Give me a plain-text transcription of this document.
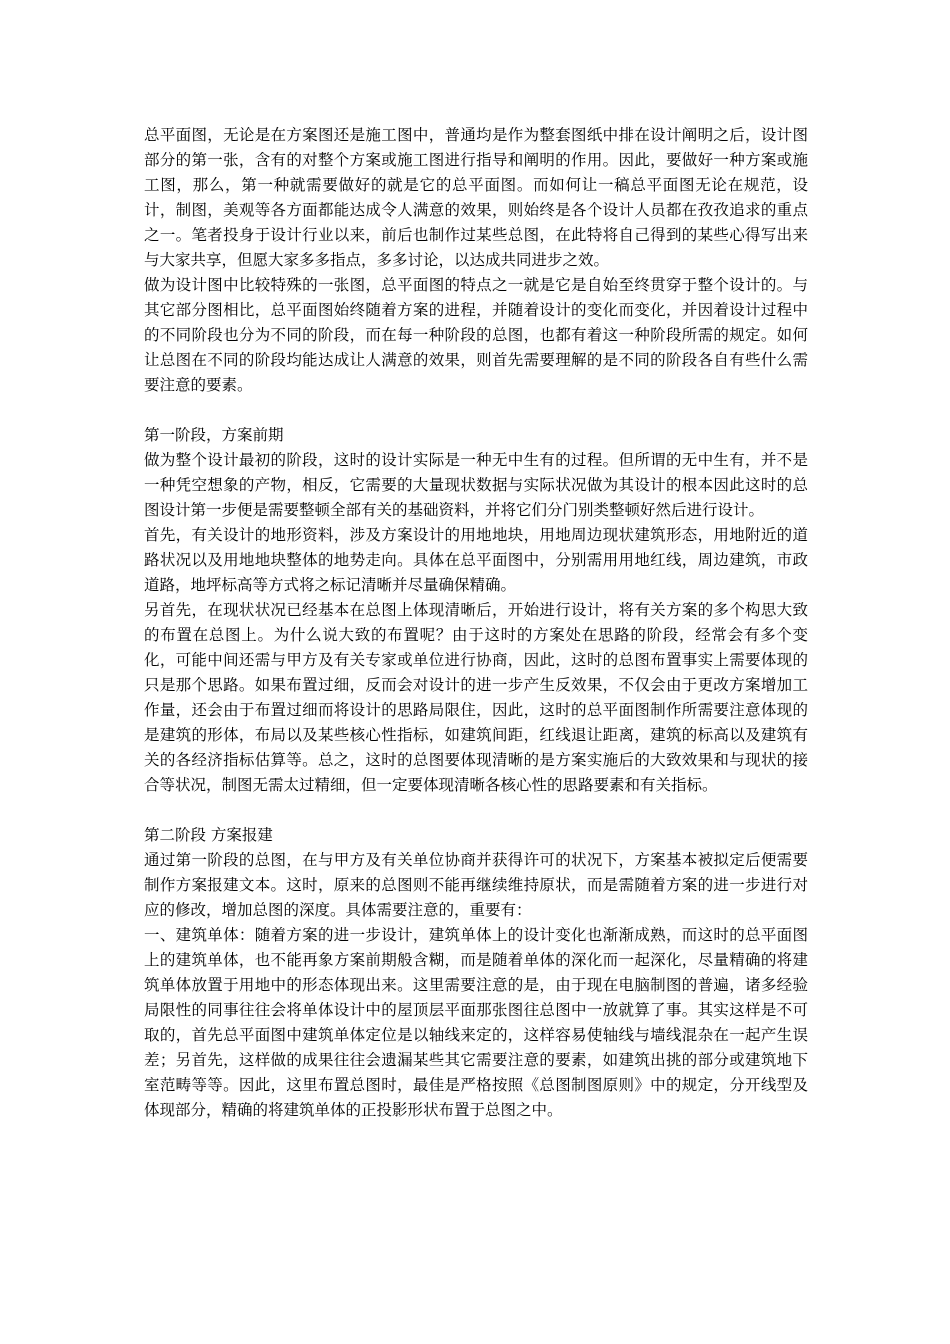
总平面图，无论是在方案图还是施工图中，普通均是作为整套图纸中排在设计阐明之后，设计图部分的第一张，含有的对整个方案或施工图进行指导和阐明的作用。因此，要做好一种方案或施工图，那么，第一种就需要做好的就是它的总平面图。而如何让一稿总平面图无论在规范，设计，制图，美观等各方面都能达成令人满意的效果，则始终是各个设计人员都在孜孜追求的重点之一。笔者投身于设计行业以来，前后也制作过某些总图，在此特将自己得到的某些心得写出来与大家共享，但愿大家多多指点，多多讨论，以达成共同进步之效。

做为设计图中比较特殊的一张图，总平面图的特点之一就是它是自始至终贯穿于整个设计的。与其它部分图相比，总平面图始终随着方案的进程，并随着设计的变化而变化，并因着设计过程中的不同阶段也分为不同的阶段，而在每一种阶段的总图，也都有着这一种阶段所需的规定。如何让总图在不同的阶段均能达成让人满意的效果，则首先需要理解的是不同的阶段各自有些什么需要注意的要素。

第一阶段，方案前期

做为整个设计最初的阶段，这时的设计实际是一种无中生有的过程。但所谓的无中生有，并不是一种凭空想象的产物，相反，它需要的大量现状数据与实际状况做为其设计的根本因此这时的总图设计第一步便是需要整顿全部有关的基础资料，并将它们分门别类整顿好然后进行设计。

首先，有关设计的地形资料，涉及方案设计的用地地块，用地周边现状建筑形态，用地附近的道路状况以及用地地块整体的地势走向。具体在总平面图中，分别需用用地红线，周边建筑，市政道路，地坪标高等方式将之标记清晰并尽量确保精确。

另首先，在现状状况已经基本在总图上体现清晰后，开始进行设计，将有关方案的多个构思大致的布置在总图上。为什么说大致的布置呢？由于这时的方案处在思路的阶段，经常会有多个变化，可能中间还需与甲方及有关专家或单位进行协商，因此，这时的总图布置事实上需要体现的只是那个思路。如果布置过细，反而会对设计的进一步产生反效果，不仅会由于更改方案增加工作量，还会由于布置过细而将设计的思路局限住，因此，这时的总平面图制作所需要注意体现的是建筑的形体，布局以及某些核心性指标，如建筑间距，红线退让距离，建筑的标高以及建筑有关的各经济指标估算等。总之，这时的总图要体现清晰的是方案实施后的大致效果和与现状的接合等状况，制图无需太过精细，但一定要体现清晰各核心性的思路要素和有关指标。

第二阶段 方案报建

通过第一阶段的总图，在与甲方及有关单位协商并获得许可的状况下，方案基本被拟定后便需要制作方案报建文本。这时，原来的总图则不能再继续维持原状，而是需随着方案的进一步进行对应的修改，增加总图的深度。具体需要注意的，重要有：

一、建筑单体：随着方案的进一步设计，建筑单体上的设计变化也渐渐成熟，而这时的总平面图上的建筑单体，也不能再象方案前期般含糊，而是随着单体的深化而一起深化，尽量精确的将建筑单体放置于用地中的形态体现出来。这里需要注意的是，由于现在电脑制图的普遍，诸多经验局限性的同事往往会将单体设计中的屋顶层平面那张图往总图中一放就算了事。其实这样是不可取的，首先总平面图中建筑单体定位是以轴线来定的，这样容易使轴线与墙线混杂在一起产生误差；另首先，这样做的成果往往会遗漏某些其它需要注意的要素，如建筑出挑的部分或建筑地下室范畴等等。因此，这里布置总图时，最佳是严格按照《总图制图原则》中的规定，分开线型及体现部分，精确的将建筑单体的正投影形状布置于总图之中。
